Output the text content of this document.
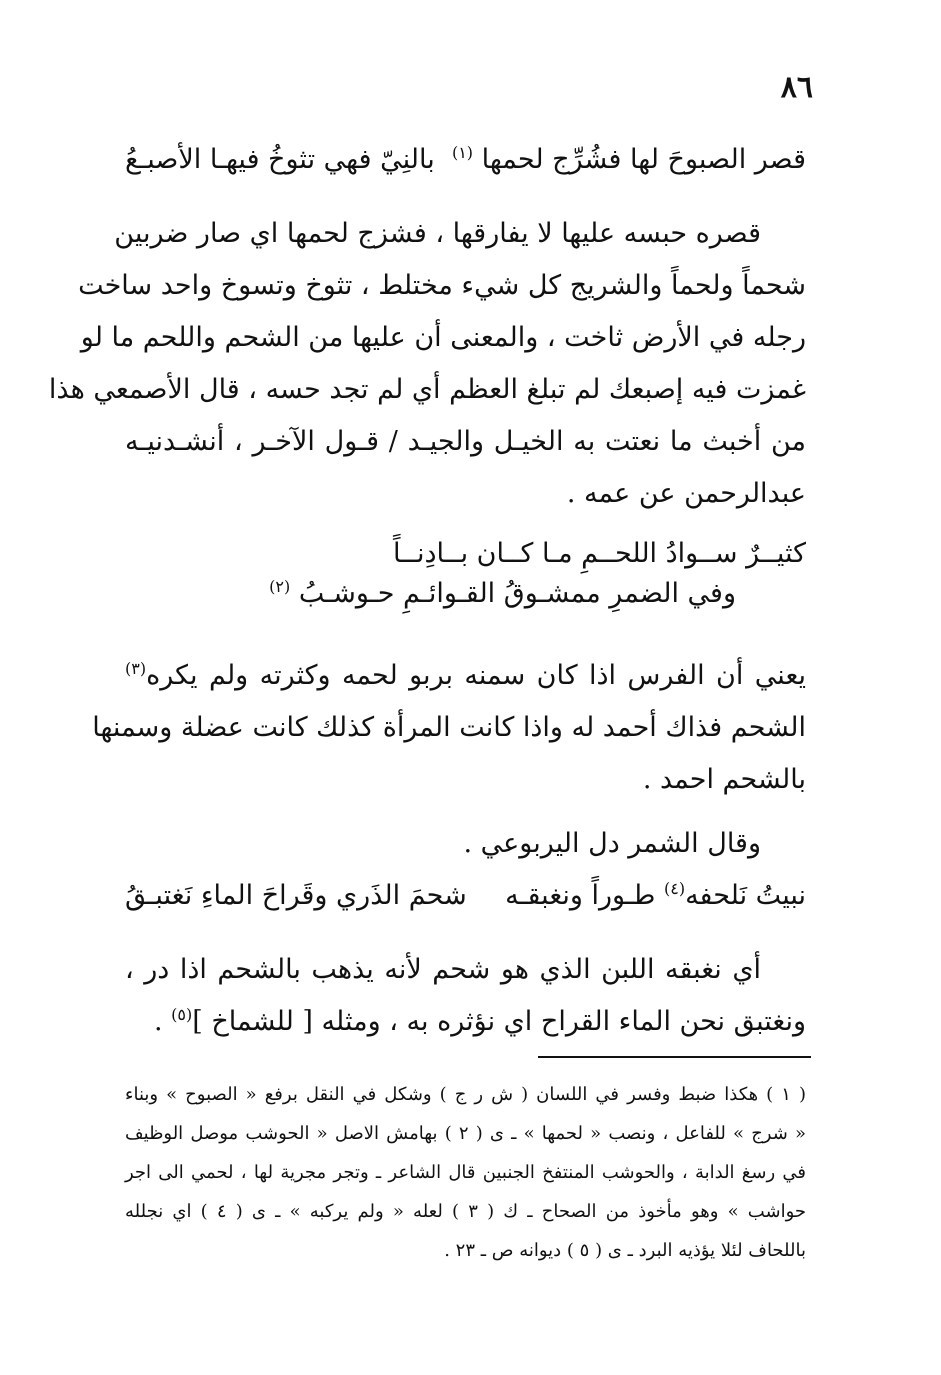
٨٦
قصر الصبوحَ لها فشُرِّج لحمها $^{(١)}$
بالنِيّ فهي تثوخُ فيهـا الأصبـعُ
قصره حبسه عليها لا يفارقها ، فشزج لحمها اي صار ضربين
شحماً ولحماً والشريج كل شيء مختلط ، تثوخ وتسوخ واحد ساخت
رجله في الأرض ثاخت ، والمعنى أن عليها من الشحم واللحم ما لو
غمزت فيه إصبعك لم تبلغ العظم أي لم تجد حسه ، قال الأصمعي هذا
من أخبث ما نعتت به الخيـل والجيـد / قـول الآخـر ، أنشـدنيـه
عبدالرحمن عن عمه .
كثيــرٌ ســوادُ اللحــمِ مـا كــان بــادِنــاً
وفي الضمرِ ممشـوقُ القـوائـمِ حـوشـبُ $^{(٢)}$
يعني أن الفرس اذا كان سمنه بربو لحمه وكثرته ولم يكره$^{(٣)}$
الشحم فذاك أحمد له واذا كانت المرأة كذلك كانت عضلة وسمنها
بالشحم احمد .
وقال الشمر دل اليربوعي .
نبيتُ نَلحفه$^{(٤)}$ طـوراً ونغبقـه
شحمَ الذَري وقَراحَ الماءِ نَغتبـقُ
أي نغبقه اللبن الذي هو شحم لأنه يذهب بالشحم اذا در ،
ونغتبق نحن الماء القراح اي نؤثره به ، ومثله [ للشماخ ]$^{(٥)}$ .
( ١ ) هكذا ضبط وفسر في اللسان ( ش ر ج ) وشكل في النقل برفع « الصبوح » وبناء
« شرج » للفاعل ، ونصب « لحمها » ـ ى ( ٢ ) بهامش الاصل « الحوشب موصل الوظيف
في رسغ الدابة ، والحوشب المنتفخ الجنبين قال الشاعر ـ وتجر مجرية لها ، لحمي الى اجر
حواشب » وهو مأخوذ من الصحاح ـ ك ( ٣ ) لعله « ولم يركبه » ـ ى ( ٤ ) اي نجلله
باللحاف لئلا يؤذيه البرد ـ ى ( ٥ ) ديوانه ص ـ ٢٣ .
